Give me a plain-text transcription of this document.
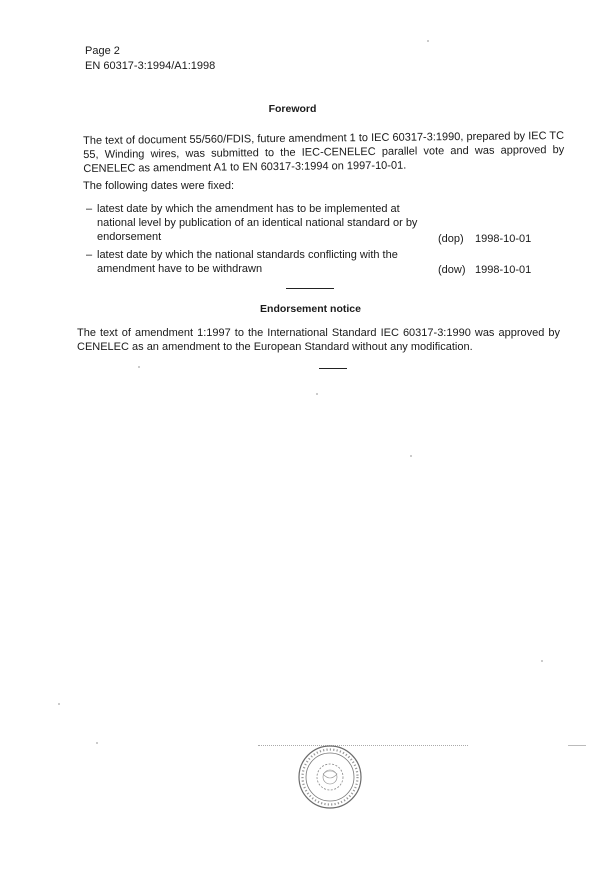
Page 2
EN 60317-3:1994/A1:1998
Foreword
The text of document 55/560/FDIS, future amendment 1 to IEC 60317-3:1990, prepared by IEC TC 55, Winding wires, was submitted to the IEC-CENELEC parallel vote and was approved by CENELEC as amendment A1 to EN 60317-3:1994 on 1997-10-01.
The following dates were fixed:
– latest date by which the amendment has to be implemented at national level by publication of an identical national standard or by endorsement	(dop) 1998-10-01
– latest date by which the national standards conflicting with the amendment have to be withdrawn	(dow) 1998-10-01
Endorsement notice
The text of amendment 1:1997 to the International Standard IEC 60317-3:1990 was approved by CENELEC as an amendment to the European Standard without any modification.
